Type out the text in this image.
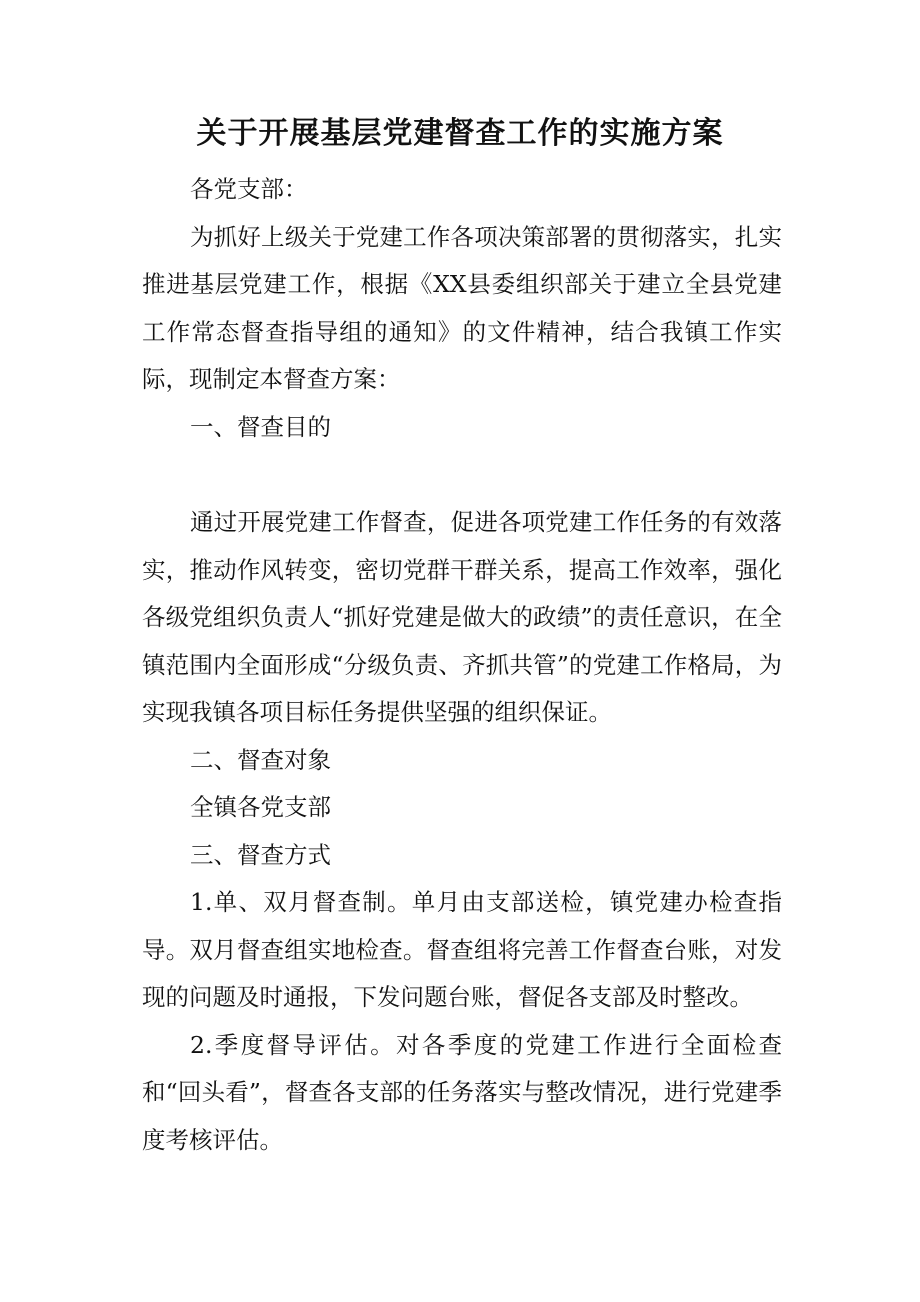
关于开展基层党建督查工作的实施方案

各党支部：

为抓好上级关于党建工作各项决策部署的贯彻落实，扎实推进基层党建工作，根据《XX县委组织部关于建立全县党建工作常态督查指导组的通知》的文件精神，结合我镇工作实际，现制定本督查方案：

一、督查目的

通过开展党建工作督查，促进各项党建工作任务的有效落实，推动作风转变，密切党群干群关系，提高工作效率，强化各级党组织负责人“抓好党建是做大的政绩”的责任意识，在全镇范围内全面形成“分级负责、齐抓共管”的党建工作格局，为实现我镇各项目标任务提供坚强的组织保证。

二、督查对象

全镇各党支部

三、督查方式

1.单、双月督查制。单月由支部送检，镇党建办检查指导。双月督查组实地检查。督查组将完善工作督查台账，对发现的问题及时通报，下发问题台账，督促各支部及时整改。

2.季度督导评估。对各季度的党建工作进行全面检查和“回头看”，督查各支部的任务落实与整改情况，进行党建季度考核评估。
